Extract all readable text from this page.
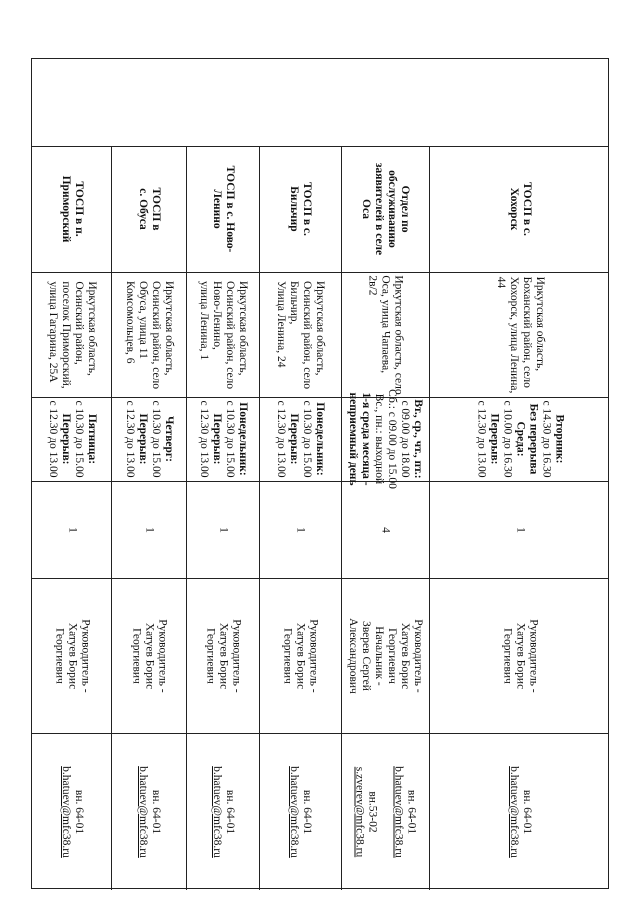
ТОСП в с.
Хохорск
Иркутская область,
Боханский район, село
Хохорск, улица Ленина,
44
Вторник:
с 14.30 до 16.30
Без перерыва
Среда:
с 10.00 до 16.30
Перерыв:
с 12.30 до 13.00
1
Руководитель -
Хатуев Борис
Георгиевич
вн. 64-01
b.hatuev@mfc38.ru
Отдел по
обслуживанию
заявителей в селе
Оса
Иркутская область, село
Оса, улица Чапаева,
2в/2
Вт., ср., чт., пт.:
с 09.00 до 18.00
Сб.: с 09.00 до 15.00
Вс., пн.: выходной
1-я среда месяца -
неприемный день
4
Руководитель -
Хатуев Борис
Георгиевич
Начальник -
Зверев Сергей
Александрович
вн. 64-01
b.hatuev@mfc38.ru

вн.53-02
s.zverev@mfc38.ru
ТОСП в с.
Бильчир
Иркутская область,
Осинский район, село
Бильчир,
Улица Ленина, 24
Понедельник:
с 10.30 до 15.00
Перерыв:
с 12.30 до 13.00
1
Руководитель -
Хатуев Борис
Георгиевич
вн. 64-01
b.hatuev@mfc38.ru
ТОСП в с. Ново-
Ленино
Иркутская область,
Осинский район, село
Ново-Ленино,
улица Ленина, 1
Понедельник:
с 10.30 до 15.00
Перерыв:
с 12.30 до 13.00
1
Руководитель -
Хатуев Борис
Георгиевич
вн. 64-01
b.hatuev@mfc38.ru
ТОСП в
с. Обуса
Иркутская область,
Осинский район, село
Обуса, улица 11
Комсомольцев, 6
Четверг:
с 10.30 до 15.00
Перерыв:
с 12.30 до 13.00
1
Руководитель -
Хатуев Борис
Георгиевич
вн. 64-01
b.hatuev@mfc38.ru
ТОСП в п.
Приморский
Иркутская область,
Осинский район,
поселок Приморский,
улица Гагарина, 25А
Пятница:
с 10.30 до 15.00
Перерыв:
с 12.30 до 13.00
1
Руководитель -
Хатуев Борис
Георгиевич
вн. 64-01
b.hatuev@mfc38.ru
